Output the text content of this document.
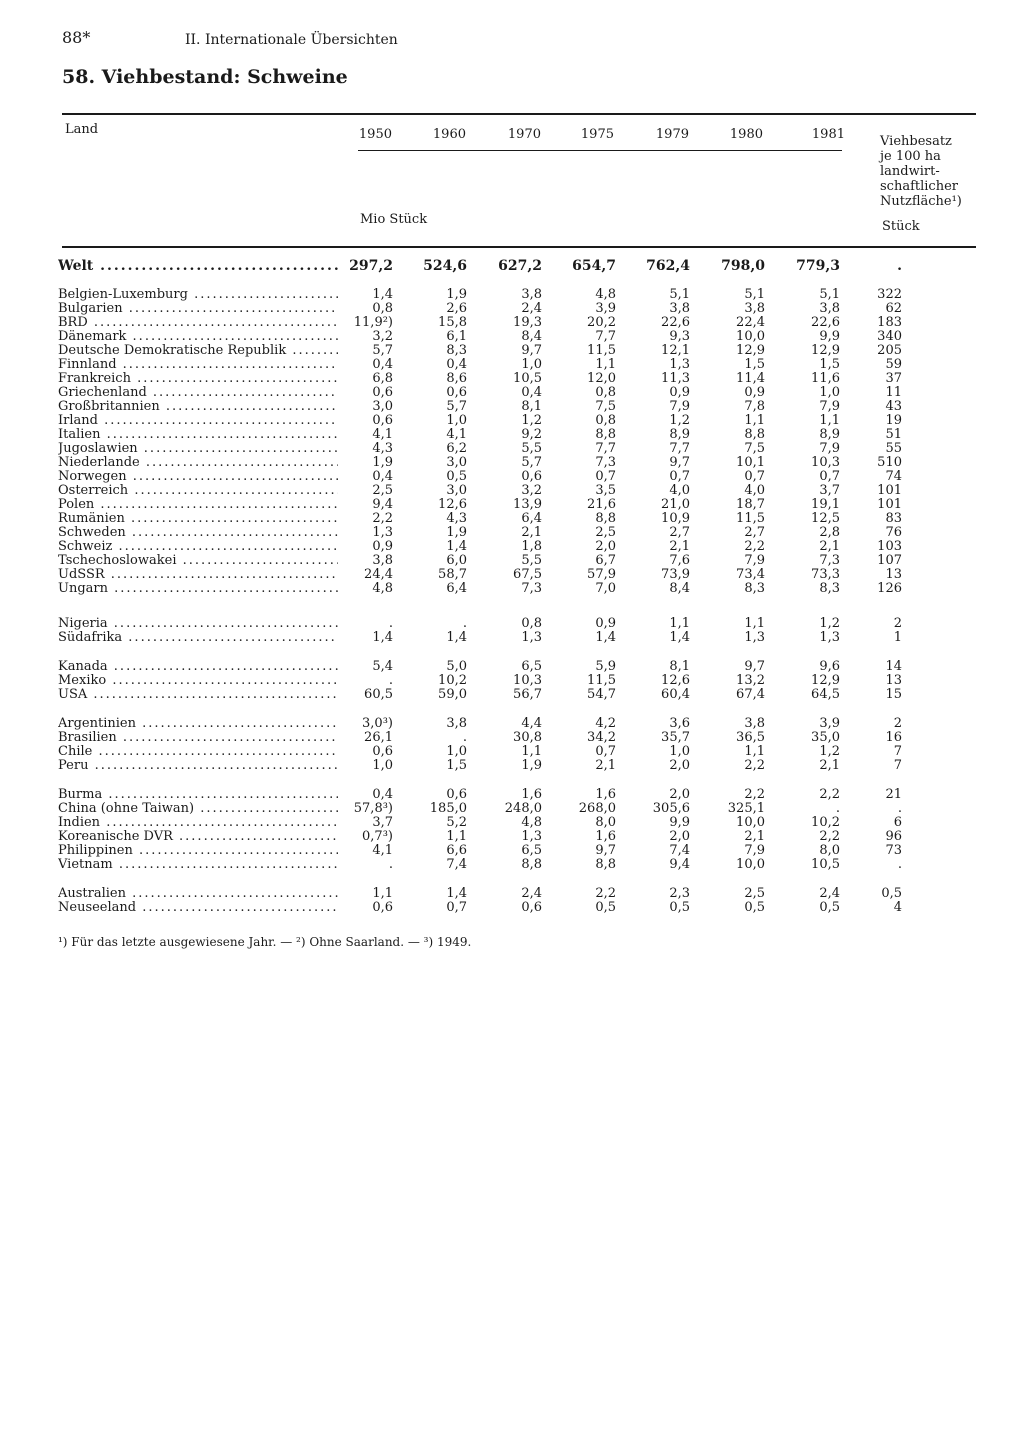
88*	II. Internationale Übersichten
58. Viehbestand: Schweine
Land	1950	1960	1970	1975	1979	1980	1981
Mio Stück
Viehbesatz
je 100 ha
landwirt-
schaftlicher
Nutzfläche¹)
Stück
Welt .....	297,2	524,6	627,2	654,7	762,4	798,0	779,3	.
Belgien-Luxemburg .....	1,4	1,9	3,8	4,8	5,1	5,1	5,1	322
Bulgarien .....	0,8	2,6	2,4	3,9	3,8	3,8	3,8	62
BRD .....	11,9²)	15,8	19,3	20,2	22,6	22,4	22,6	183
Dänemark .....	3,2	6,1	8,4	7,7	9,3	10,0	9,9	340
Deutsche Demokratische Republik .....	5,7	8,3	9,7	11,5	12,1	12,9	12,9	205
Finnland .....	0,4	0,4	1,0	1,1	1,3	1,5	1,5	59
Frankreich .....	6,8	8,6	10,5	12,0	11,3	11,4	11,6	37
Griechenland .....	0,6	0,6	0,4	0,8	0,9	0,9	1,0	11
Großbritannien .....	3,0	5,7	8,1	7,5	7,9	7,8	7,9	43
Irland .....	0,6	1,0	1,2	0,8	1,2	1,1	1,1	19
Italien .....	4,1	4,1	9,2	8,8	8,9	8,8	8,9	51
Jugoslawien .....	4,3	6,2	5,5	7,7	7,7	7,5	7,9	55
Niederlande .....	1,9	3,0	5,7	7,3	9,7	10,1	10,3	510
Norwegen .....	0,4	0,5	0,6	0,7	0,7	0,7	0,7	74
Österreich .....	2,5	3,0	3,2	3,5	4,0	4,0	3,7	101
Polen .....	9,4	12,6	13,9	21,6	21,0	18,7	19,1	101
Rumänien .....	2,2	4,3	6,4	8,8	10,9	11,5	12,5	83
Schweden .....	1,3	1,9	2,1	2,5	2,7	2,7	2,8	76
Schweiz .....	0,9	1,4	1,8	2,0	2,1	2,2	2,1	103
Tschechoslowakei .....	3,8	6,0	5,5	6,7	7,6	7,9	7,3	107
UdSSR .....	24,4	58,7	67,5	57,9	73,9	73,4	73,3	13
Ungarn .....	4,8	6,4	7,3	7,0	8,4	8,3	8,3	126
Nigeria .....	.	.	0,8	0,9	1,1	1,1	1,2	2
Südafrika .....	1,4	1,4	1,3	1,4	1,4	1,3	1,3	1
Kanada .....	5,4	5,0	6,5	5,9	8,1	9,7	9,6	14
Mexiko .....	.	10,2	10,3	11,5	12,6	13,2	12,9	13
USA .....	60,5	59,0	56,7	54,7	60,4	67,4	64,5	15
Argentinien .....	3,0³)	3,8	4,4	4,2	3,6	3,8	3,9	2
Brasilien .....	26,1	.	30,8	34,2	35,7	36,5	35,0	16
Chile .....	0,6	1,0	1,1	0,7	1,0	1,1	1,2	7
Peru .....	1,0	1,5	1,9	2,1	2,0	2,2	2,1	7
Burma .....	0,4	0,6	1,6	1,6	2,0	2,2	2,2	21
China (ohne Taiwan) .....	57,8³)	185,0	248,0	268,0	305,6	325,1	.	.
Indien .....	3,7	5,2	4,8	8,0	9,9	10,0	10,2	6
Koreanische DVR .....	0,7³)	1,1	1,3	1,6	2,0	2,1	2,2	96
Philippinen .....	4,1	6,6	6,5	9,7	7,4	7,9	8,0	73
Vietnam .....	.	7,4	8,8	8,8	9,4	10,0	10,5	.
Australien .....	1,1	1,4	2,4	2,2	2,3	2,5	2,4	0,5
Neuseeland .....	0,6	0,7	0,6	0,5	0,5	0,5	0,5	4
¹) Für das letzte ausgewiesene Jahr. — ²) Ohne Saarland. — ³) 1949.
